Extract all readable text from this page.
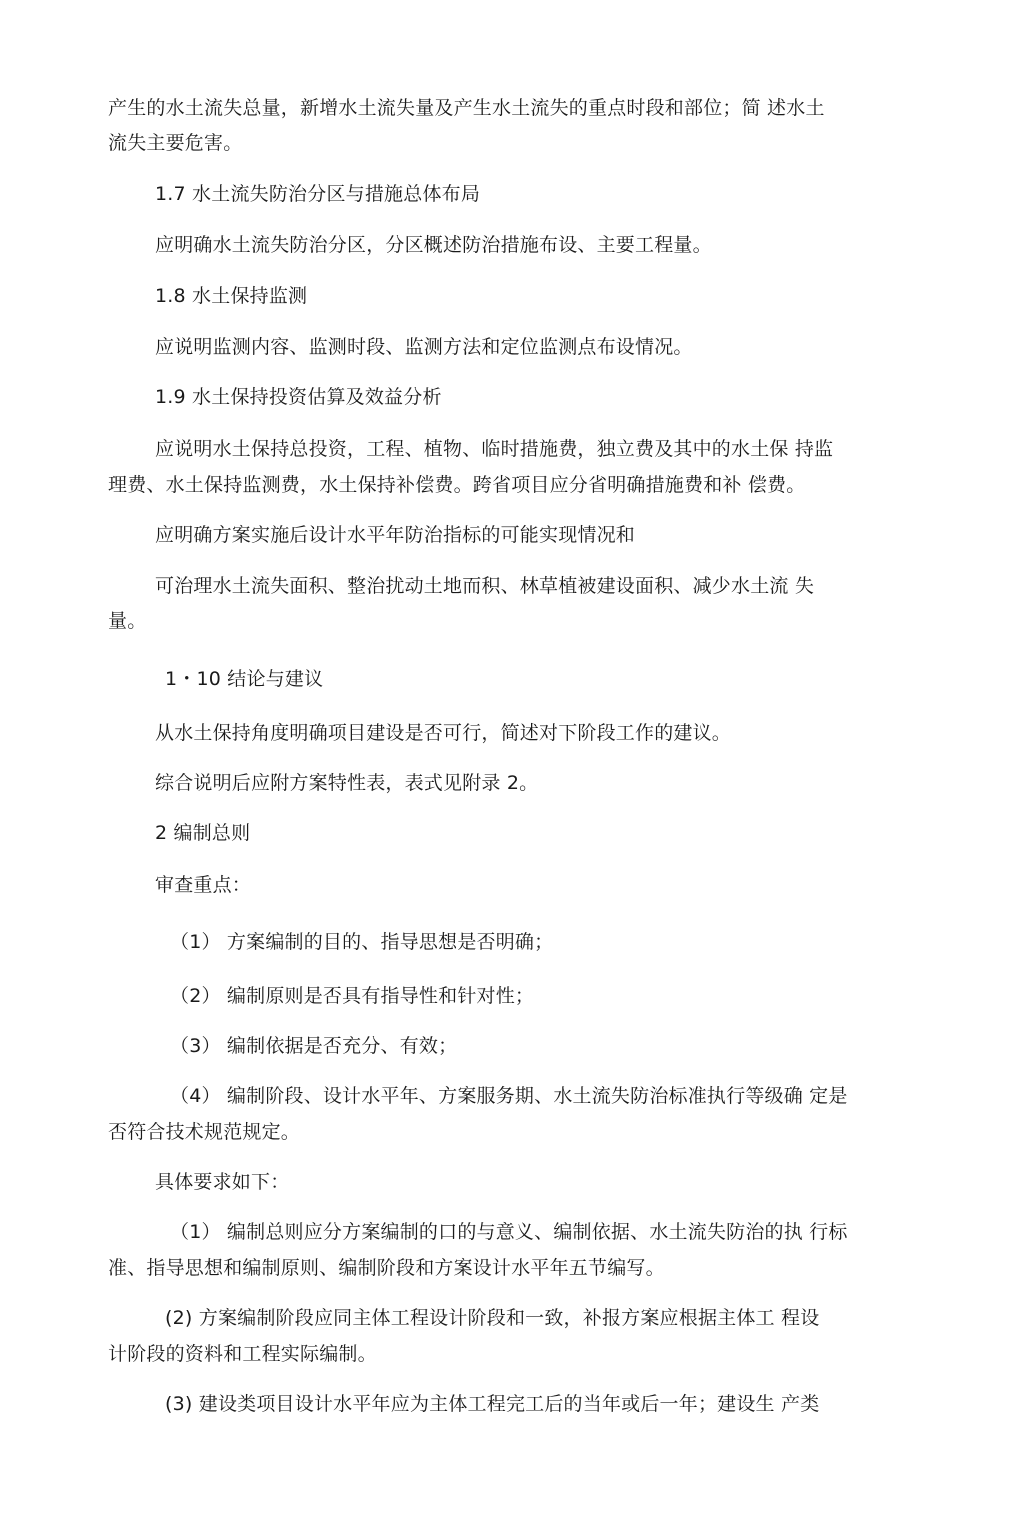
产生的水土流失总量，新增水土流失量及产生水土流失的重点时段和部位；简 述水土
流失主要危害。
1.7 水土流失防治分区与措施总体布局
应明确水土流失防治分区，分区概述防治措施布设、主要工程量。
1.8 水土保持监测
应说明监测内容、监测时段、监测方法和定位监测点布设情况。
1.9 水土保持投资估算及效益分析
应说明水土保持总投资，工程、植物、临时措施费，独立费及其中的水土保 持监
理费、水土保持监测费，水土保持补偿费。跨省项目应分省明确措施费和补 偿费。
应明确方案实施后设计水平年防治指标的可能实现情况和
可治理水土流失面积、整治扰动土地而积、林草植被建设面积、减少水土流 失
量。
1・10 结论与建议
从水土保持角度明确项目建设是否可行，简述对下阶段工作的建议。
综合说明后应附方案特性表，表式见附录 2。
2 编制总则
审查重点：
（1） 方案编制的目的、指导思想是否明确；
（2） 编制原则是否具有指导性和针对性；
（3） 编制依据是否充分、有效；
（4） 编制阶段、设计水平年、方案服务期、水土流失防治标准执行等级确 定是
否符合技术规范规定。
具体要求如下：
（1） 编制总则应分方案编制的口的与意义、编制依据、水土流失防治的执 行标
准、指导思想和编制原则、编制阶段和方案设计水平年五节编写。
(2) 方案编制阶段应同主体工程设计阶段和一致，补报方案应根据主体工 程设
计阶段的资料和工程实际编制。
(3) 建设类项目设计水平年应为主体工程完工后的当年或后一年；建设生 产类
